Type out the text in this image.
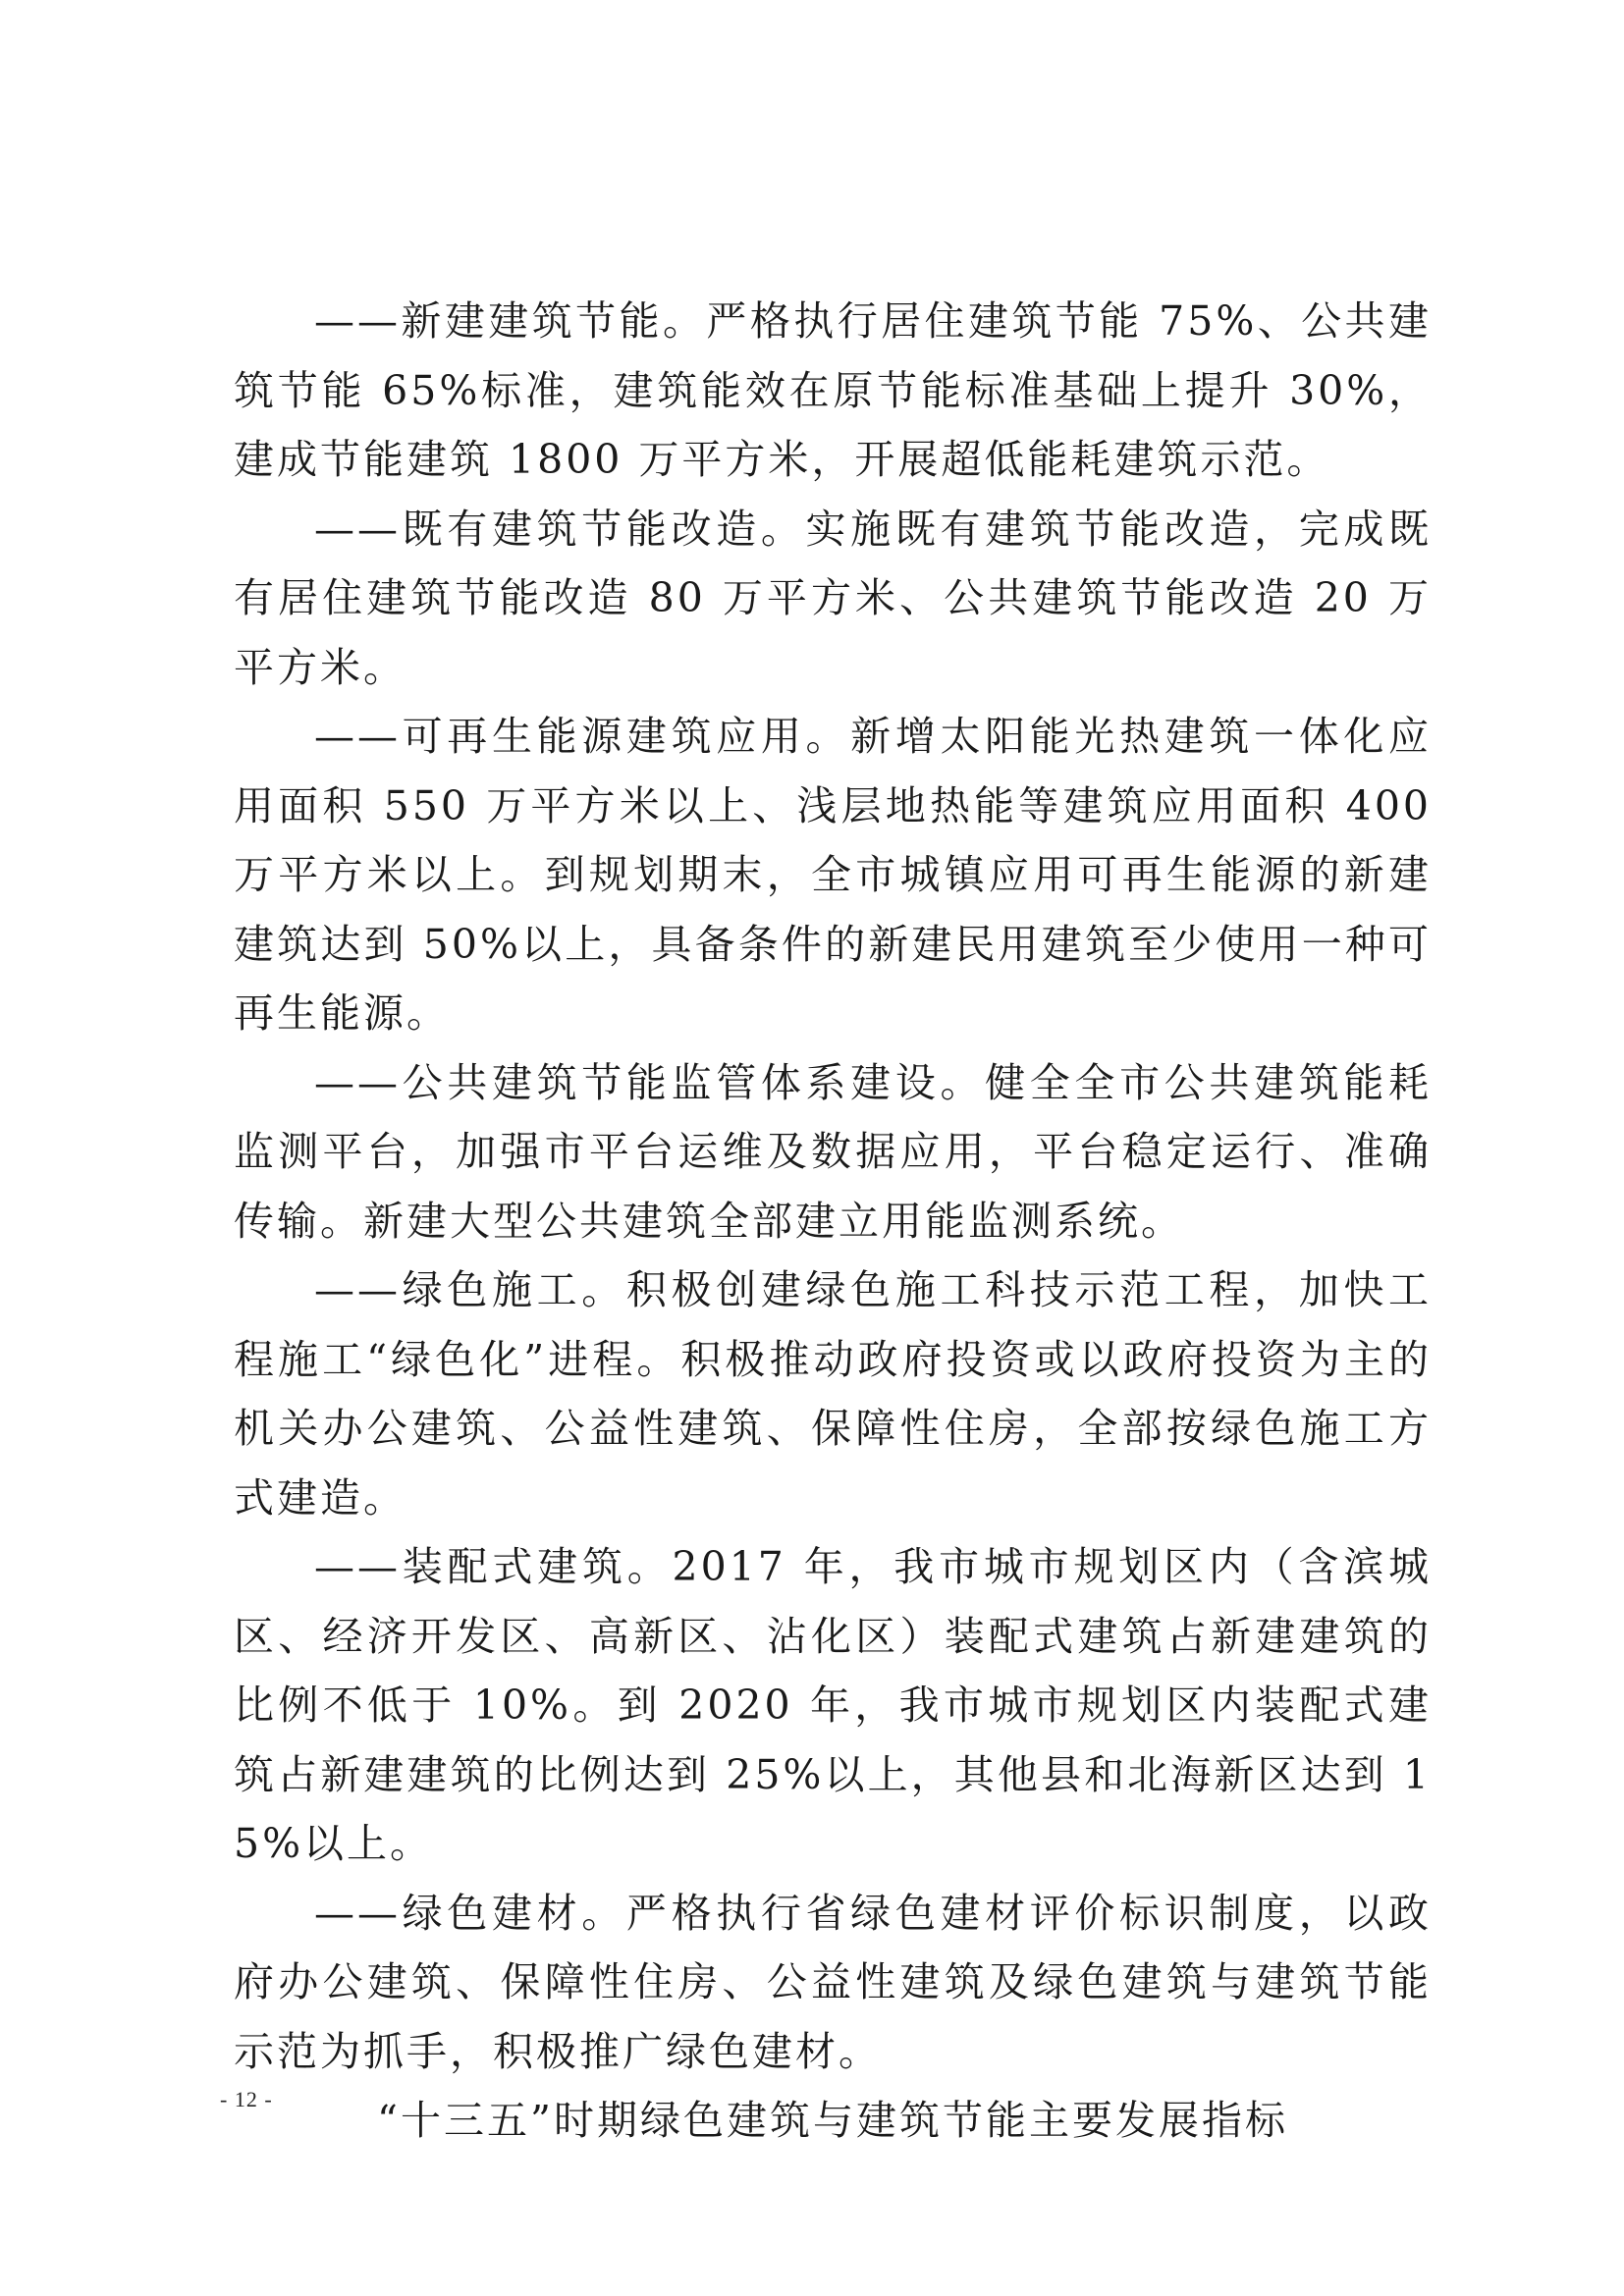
——新建建筑节能。严格执行居住建筑节能 75%、公共建筑节能 65%标准，建筑能效在原节能标准基础上提升 30%，建成节能建筑 1800 万平方米，开展超低能耗建筑示范。

——既有建筑节能改造。实施既有建筑节能改造，完成既有居住建筑节能改造 80 万平方米、公共建筑节能改造 20 万平方米。

——可再生能源建筑应用。新增太阳能光热建筑一体化应用面积 550 万平方米以上、浅层地热能等建筑应用面积 400 万平方米以上。到规划期末，全市城镇应用可再生能源的新建建筑达到 50%以上，具备条件的新建民用建筑至少使用一种可再生能源。

——公共建筑节能监管体系建设。健全全市公共建筑能耗监测平台，加强市平台运维及数据应用，平台稳定运行、准确传输。新建大型公共建筑全部建立用能监测系统。

——绿色施工。积极创建绿色施工科技示范工程，加快工程施工“绿色化”进程。积极推动政府投资或以政府投资为主的机关办公建筑、公益性建筑、保障性住房，全部按绿色施工方式建造。

——装配式建筑。2017 年，我市城市规划区内（含滨城区、经济开发区、高新区、沾化区）装配式建筑占新建建筑的比例不低于 10%。到 2020 年，我市城市规划区内装配式建筑占新建建筑的比例达到 25%以上，其他县和北海新区达到 15%以上。

——绿色建材。严格执行省绿色建材评价标识制度，以政府办公建筑、保障性住房、公益性建筑及绿色建筑与建筑节能示范为抓手，积极推广绿色建材。

“十三五”时期绿色建筑与建筑节能主要发展指标

- 12 -
